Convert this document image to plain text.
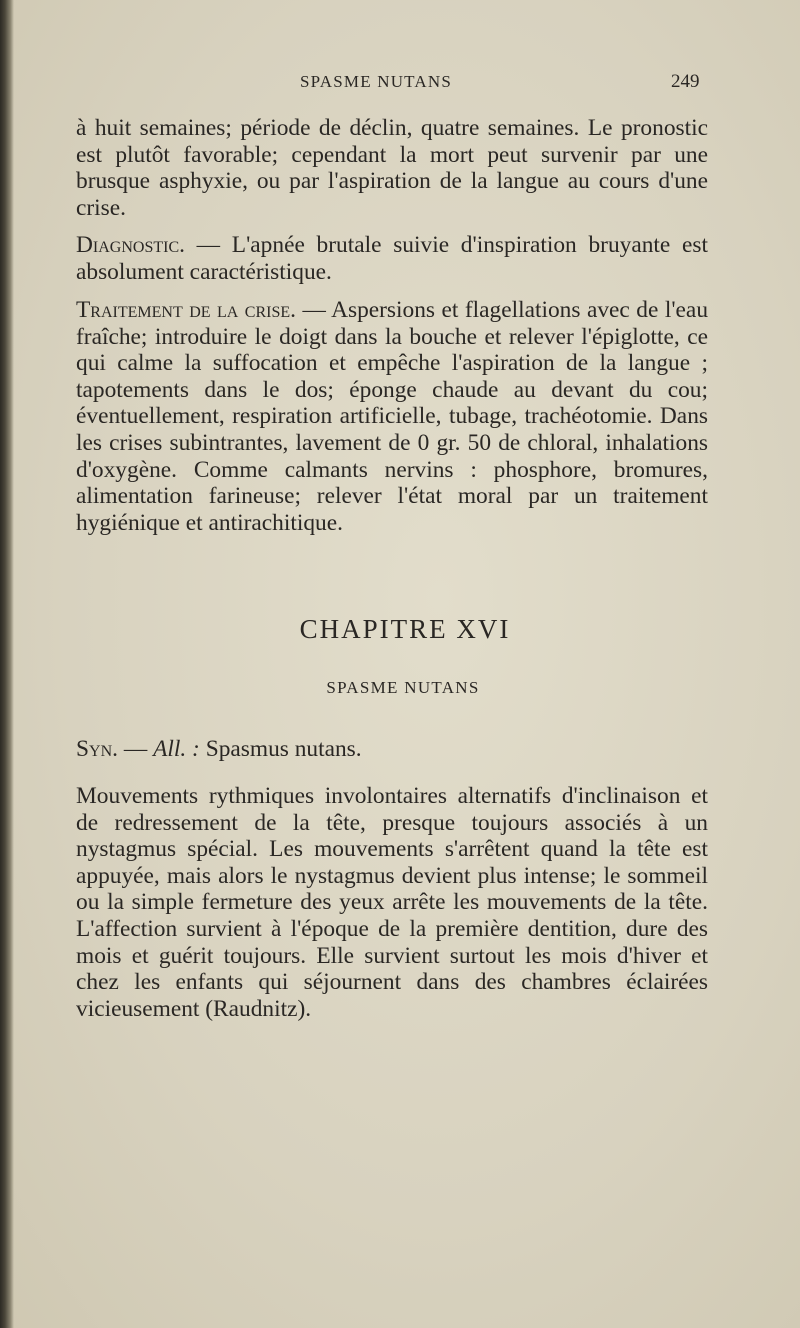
SPASME NUTANS	249

à huit semaines; période de déclin, quatre semaines. Le pronostic est plutôt favorable; cependant la mort peut survenir par une brusque asphyxie, ou par l'aspiration de la langue au cours d'une crise.

Diagnostic. — L'apnée brutale suivie d'inspiration bruyante est absolument caractéristique.

Traitement de la crise. — Aspersions et flagellations avec de l'eau fraîche; introduire le doigt dans la bouche et relever l'épiglotte, ce qui calme la suffocation et empêche l'aspiration de la langue ; tapotements dans le dos; éponge chaude au devant du cou; éventuellement, respiration artificielle, tubage, trachéotomie. Dans les crises subintrantes, lavement de 0 gr. 50 de chloral, inhalations d'oxygène. Comme calmants nervins : phosphore, bromures, alimentation farineuse; relever l'état moral par un traitement hygiénique et antirachitique.

CHAPITRE XVI
SPASME NUTANS
Syn. — All. : Spasmus nutans.

Mouvements rythmiques involontaires alternatifs d'inclinaison et de redressement de la tête, presque toujours associés à un nystagmus spécial. Les mouvements s'arrêtent quand la tête est appuyée, mais alors le nystagmus devient plus intense; le sommeil ou la simple fermeture des yeux arrête les mouvements de la tête. L'affection survient à l'époque de la première dentition, dure des mois et guérit toujours. Elle survient surtout les mois d'hiver et chez les enfants qui séjournent dans des chambres éclairées vicieusement (Raudnitz).
